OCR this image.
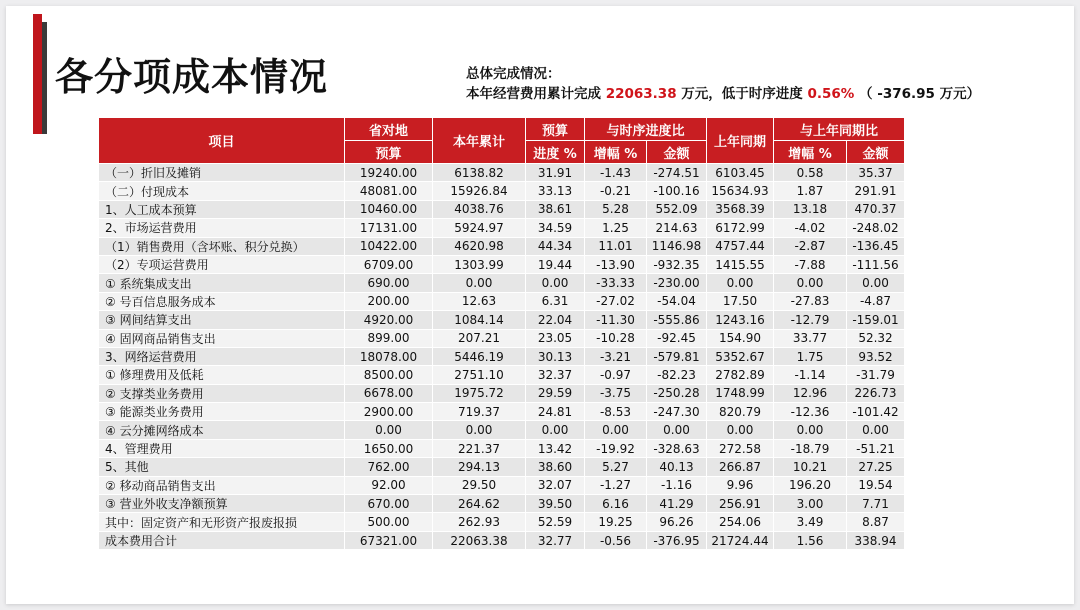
各分项成本情况	总体完成情况：
本年经营费用累计完成 22063.38 万元，低于时序进度 0.56% （ -376.95 万元）
项目	省对地	本年累计	预算	与时序进度比		上年同期	与上年同期比	
	预算		进度 %	增幅 %	金额		增幅 %	金额
（一）折旧及摊销	19240.00	6138.82	31.91	-1.43	-274.51	6103.45	0.58	35.37
（二）付现成本	48081.00	15926.84	33.13	-0.21	-100.16	15634.93	1.87	291.91
1、人工成本预算	10460.00	4038.76	38.61	5.28	552.09	3568.39	13.18	470.37
2、市场运营费用	17131.00	5924.97	34.59	1.25	214.63	6172.99	-4.02	-248.02
（1）销售费用（含坏账、积分兑换）	10422.00	4620.98	44.34	11.01	1146.98	4757.44	-2.87	-136.45
（2）专项运营费用	6709.00	1303.99	19.44	-13.90	-932.35	1415.55	-7.88	-111.56
① 系统集成支出	690.00	0.00	0.00	-33.33	-230.00	0.00	0.00	0.00
② 号百信息服务成本	200.00	12.63	6.31	-27.02	-54.04	17.50	-27.83	-4.87
③ 网间结算支出	4920.00	1084.14	22.04	-11.30	-555.86	1243.16	-12.79	-159.01
④ 固网商品销售支出	899.00	207.21	23.05	-10.28	-92.45	154.90	33.77	52.32
3、网络运营费用	18078.00	5446.19	30.13	-3.21	-579.81	5352.67	1.75	93.52
① 修理费用及低耗	8500.00	2751.10	32.37	-0.97	-82.23	2782.89	-1.14	-31.79
② 支撑类业务费用	6678.00	1975.72	29.59	-3.75	-250.28	1748.99	12.96	226.73
③ 能源类业务费用	2900.00	719.37	24.81	-8.53	-247.30	820.79	-12.36	-101.42
④ 云分摊网络成本	0.00	0.00	0.00	0.00	0.00	0.00	0.00	0.00
4、管理费用	1650.00	221.37	13.42	-19.92	-328.63	272.58	-18.79	-51.21
5、其他	762.00	294.13	38.60	5.27	40.13	266.87	10.21	27.25
② 移动商品销售支出	92.00	29.50	32.07	-1.27	-1.16	9.96	196.20	19.54
③ 营业外收支净额预算	670.00	264.62	39.50	6.16	41.29	256.91	3.00	7.71
其中：固定资产和无形资产报废报损	500.00	262.93	52.59	19.25	96.26	254.06	3.49	8.87
成本费用合计	67321.00	22063.38	32.77	-0.56	-376.95	21724.44	1.56	338.94
